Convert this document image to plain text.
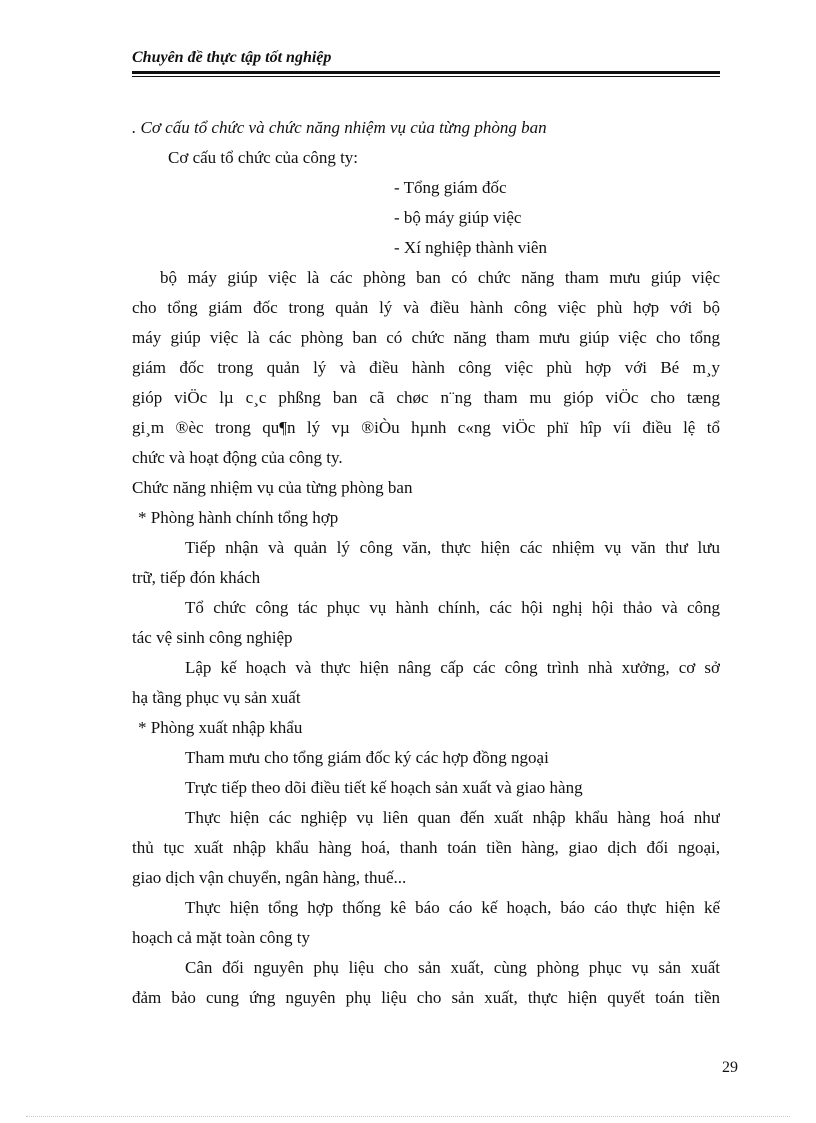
Chuyên đề thực tập tốt nghiệp
. Cơ cấu tổ chức và chức năng nhiệm vụ của từng phòng ban
Cơ cấu tổ chức của công ty:
- Tổng giám đốc
- bộ máy giúp việc
- Xí nghiệp thành viên
bộ máy giúp việc là các phòng ban có chức năng tham mưu giúp việc
cho tổng giám đốc trong quản lý và điều hành công việc phù hợp với bộ
máy giúp việc là các phòng ban có chức năng tham mưu giúp việc cho tổng
giám đốc trong quản lý và điều hành công việc phù hợp với Bé m¸y
gióp viÖc lµ c¸c phßng ban cã chøc n¨ng tham mu gióp viÖc cho tæng
gi¸m ®èc trong qu¶n lý vµ ®iÒu hµnh c«ng viÖc phï hîp víi điều lệ tổ
chức và hoạt động của công ty.
Chức năng nhiệm vụ của từng phòng ban
* Phòng hành chính tổng hợp
Tiếp nhận và quản lý công văn, thực hiện các nhiệm vụ văn thư lưu
trữ, tiếp đón khách
Tổ chức công tác phục vụ hành chính, các hội nghị hội thảo và công
tác vệ sinh công nghiệp
Lập kế hoạch và thực hiện nâng cấp các công trình nhà xưởng, cơ sở
hạ tầng phục vụ sản xuất
* Phòng xuất nhập khẩu
Tham mưu cho tổng giám đốc ký các hợp đồng ngoại
Trực tiếp theo dõi điều tiết kế hoạch sản xuất và giao hàng
Thực hiện các nghiệp vụ liên quan đến xuất nhập khẩu hàng hoá như
thủ tục xuất nhập khẩu hàng hoá, thanh toán tiền hàng, giao dịch đối ngoại,
giao dịch vận chuyển, ngân hàng, thuế...
Thực hiện tổng hợp thống kê báo cáo kế hoạch, báo cáo thực hiện kế
hoạch cả mặt toàn công ty
Cân đối nguyên phụ liệu cho sản xuất, cùng phòng phục vụ sản xuất
đảm bảo cung ứng nguyên phụ liệu cho sản xuất, thực hiện quyết toán tiền
29
